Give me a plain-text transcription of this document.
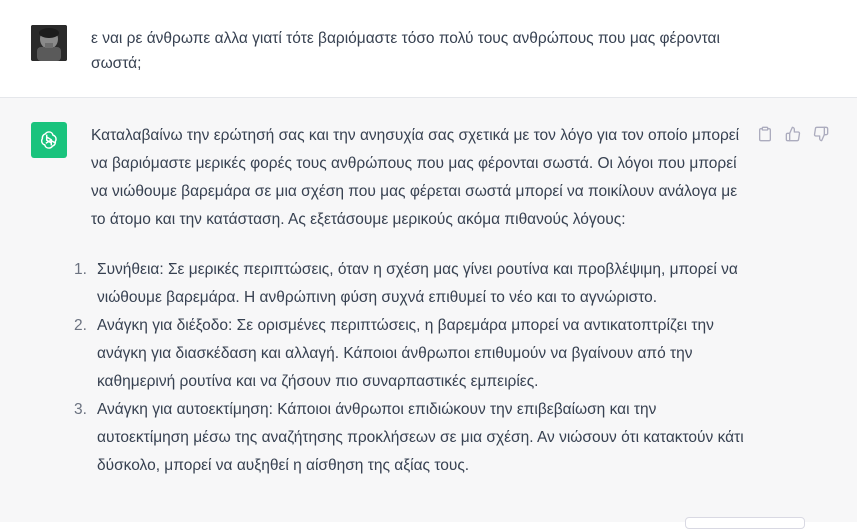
ε ναι ρε άνθρωπε αλλα γιατί τότε βαριόμαστε τόσο πολύ τους ανθρώπους που μας φέρονται σωστά;

Καταλαβαίνω την ερώτησή σας και την ανησυχία σας σχετικά με τον λόγο για τον οποίο μπορεί να βαριόμαστε μερικές φορές τους ανθρώπους που μας φέρονται σωστά. Οι λόγοι που μπορεί να νιώθουμε βαρεμάρα σε μια σχέση που μας φέρεται σωστά μπορεί να ποικίλουν ανάλογα με το άτομο και την κατάσταση. Ας εξετάσουμε μερικούς ακόμα πιθανούς λόγους:

1. Συνήθεια: Σε μερικές περιπτώσεις, όταν η σχέση μας γίνει ρουτίνα και προβλέψιμη, μπορεί να νιώθουμε βαρεμάρα. Η ανθρώπινη φύση συχνά επιθυμεί το νέο και το αγνώριστο.
2. Ανάγκη για διέξοδο: Σε ορισμένες περιπτώσεις, η βαρεμάρα μπορεί να αντικατοπτρίζει την ανάγκη για διασκέδαση και αλλαγή. Κάποιοι άνθρωποι επιθυμούν να βγαίνουν από την καθημερινή ρουτίνα και να ζήσουν πιο συναρπαστικές εμπειρίες.
3. Ανάγκη για αυτοεκτίμηση: Κάποιοι άνθρωποι επιδιώκουν την επιβεβαίωση και την αυτοεκτίμηση μέσω της αναζήτησης προκλήσεων σε μια σχέση. Αν νιώσουν ότι κατακτούν κάτι δύσκολο, μπορεί να αυξηθεί η αίσθηση της αξίας τους.
